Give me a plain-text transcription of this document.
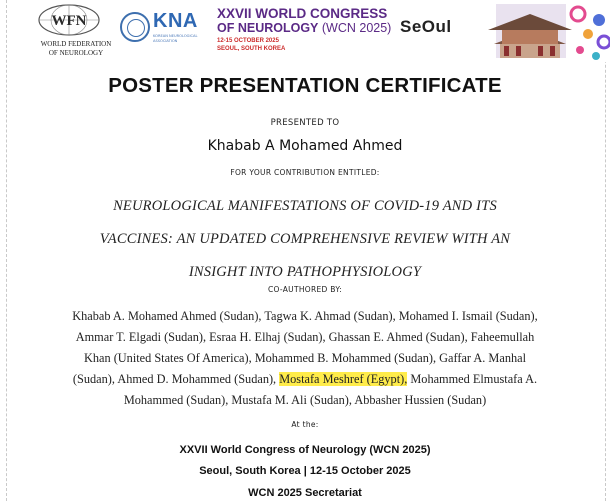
WFN
WORLD FEDERATION
OF NEUROLOGY
KNA
KOREAN NEUROLOGICAL ASSOCIATION
XXVII WORLD CONGRESS
OF NEUROLOGY (WCN 2025)
12-15 OCTOBER 2025
SEOUL, SOUTH KOREA
SeOul
POSTER PRESENTATION CERTIFICATE
PRESENTED TO
Khabab A Mohamed Ahmed
FOR YOUR CONTRIBUTION ENTITLED:
NEUROLOGICAL MANIFESTATIONS OF COVID-19 AND ITS
VACCINES: AN UPDATED COMPREHENSIVE REVIEW WITH AN
INSIGHT INTO PATHOPHYSIOLOGY
CO-AUTHORED BY:
Khabab A. Mohamed Ahmed (Sudan), Tagwa K. Ahmad (Sudan), Mohamed I. Ismail (Sudan),
Ammar T. Elgadi (Sudan), Esraa H. Elhaj (Sudan), Ghassan E. Ahmed (Sudan), Faheemullah
Khan (United States Of America), Mohammed B. Mohammed (Sudan), Gaffar A. Manhal
(Sudan), Ahmed D. Mohammed (Sudan), Mostafa Meshref (Egypt), Mohammed Elmustafa A.
Mohammed (Sudan), Mustafa M. Ali (Sudan), Abbasher Hussien (Sudan)
At the:
XXVII World Congress of Neurology (WCN 2025)
Seoul, South Korea | 12-15 October 2025
WCN 2025 Secretariat
